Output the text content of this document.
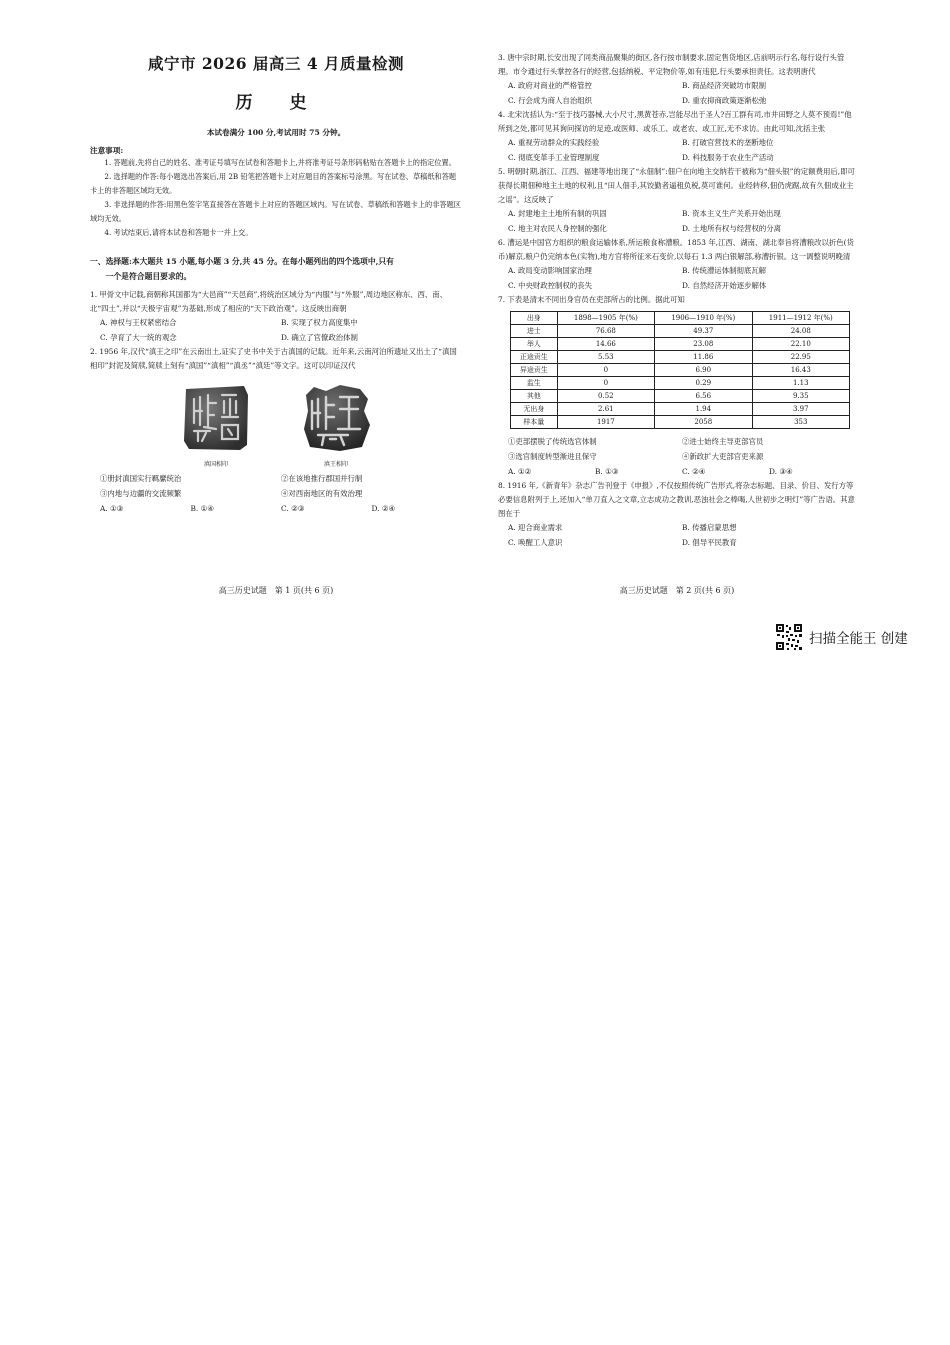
咸宁市 2026 届高三 4 月质量检测
历　史
本试卷满分 100 分,考试用时 75 分钟。
注意事项:

1. 答题前,先将自己的姓名、准考证号填写在试卷和答题卡上,并将准考证号条形码粘贴在答题卡上的指定位置。

2. 选择题的作答:每小题选出答案后,用 2B 铅笔把答题卡上对应题目的答案标号涂黑。写在试卷、草稿纸和答题卡上的非答题区域均无效。

3. 非选择题的作答:用黑色签字笔直接答在答题卡上对应的答题区域内。写在试卷、草稿纸和答题卡上的非答题区域均无效。

4. 考试结束后,请将本试卷和答题卡一并上交。

一、选择题:本大题共 15 小题,每小题 3 分,共 45 分。在每小题列出的四个选项中,只有
一个是符合题目要求的。

1. 甲骨文中记载,商朝称其国都为“大邑商”“天邑商”,将统治区域分为“内服”与“外服”,周边地区称东、西、南、北“四土”,并以“天极宇宙观”为基础,形成了相应的“天下政治观”。这反映出商朝

A. 神权与王权紧密结合	B. 实现了权力高度集中
C. 孕育了大一统的观念	D. 确立了官僚政治体制

2. 1956 年,汉代“滇王之印”在云南出土,证实了史书中关于古滇国的记载。近年来,云南河泊所遗址又出土了“滇国相印”封泥及简牍,简牍上刻有“滇国”“滇相”“滇丞”“滇廷”等文字。这可以印证汉代

滇国相印	滇王相印
①册封滇国实行羁縻统治	②在该地推行郡国并行制
③内地与边疆的交流频繁	④对西南地区的有效治理
A. ①③	B. ①④	C. ②③	D. ②④
高三历史试题　第 1 页(共 6 页)

3. 唐中宗时期,长安出现了同类商品聚集的街区,各行按市制要求,固定售货地区,店前明示行名,每行设行头管理。市令通过行头掌控各行的经营,包括纳税、平定物价等,如有违犯,行头要承担责任。这表明唐代

A. 政府对商业的严格管控	B. 商品经济突破坊市限制
C. 行会成为商人自治组织	D. 重农抑商政策逐渐松弛

4. 北宋沈括认为:“至于技巧器械,大小尺寸,黑黄苍赤,岂能尽出于圣人?百工群有司,市井田野之人莫不预焉!”他所到之处,都可见其询问探访的足迹,或医师、或乐工、或老农、或工匠,无不求访。由此可知,沈括主张

A. 重视劳动群众的实践经验	B. 打破官营技术的垄断地位
C. 彻底变革手工业管理制度	D. 科技服务于农业生产活动

5. 明朝时期,浙江、江西、福建等地出现了“永佃制”:佃户在向地主交纳若干被称为“佃头银”的定额费用后,即可获得长期佃种地主土地的权利,且“田人佃手,其饺勤者逼租负税,莫可谁何。业经转移,佃仍虎踞,故有久佃成业主之谣”。这反映了

A. 封建地主土地所有制的巩固	B. 资本主义生产关系开始出现
C. 地主对农民人身控制的强化	D. 土地所有权与经营权的分离

6. 漕运是中国官方组织的粮食运输体系,所运粮食称漕粮。1853 年,江西、湖南、湖北奉旨将漕粮改以折色(货币)解京,粮户仍完纳本色(实物),地方官将所征米石变价,以每石 1.3 两白银解部,称漕折银。这一调整说明晚清

A. 政局变动影响国家治理	B. 传统漕运体制彻底瓦解
C. 中央财政控制权的丧失	D. 自然经济开始逐步解体

7. 下表是清末不同出身官员在吏部所占的比例。据此可知

出身	1898—1905 年(%)	1906—1910 年(%)	1911—1912 年(%)
进士	76.68	49.37	24.08
举人	14.66	23.08	22.10
正途贡生	5.53	11.86	22.95
异途贡生	0	6.90	16.43
监生	0	0.29	1.13
其他	0.52	6.56	9.35
无出身	2.61	1.94	3.97
样本量	1917	2058	353
①吏部摆脱了传统选官体制	②进士始终主导吏部官员
③选官制度转型渐进且保守	④新政扩大吏部官吏来源
A. ①②	B. ①③	C. ②④	D. ③④

8. 1916 年,《新青年》杂志广告刊登于《申报》,不仅按照传统广告形式,将杂志标题、目录、价目、发行方等必要信息附列于上,还加入“单刀直入之文章,立志成功之教训,恶浊社会之棒喝,人世初步之明灯”等广告语。其意图在于

A. 迎合商业需求	B. 传播启蒙思想
C. 唤醒工人意识	D. 倡导平民教育
高三历史试题　第 2 页(共 6 页)
扫描全能王 创建
